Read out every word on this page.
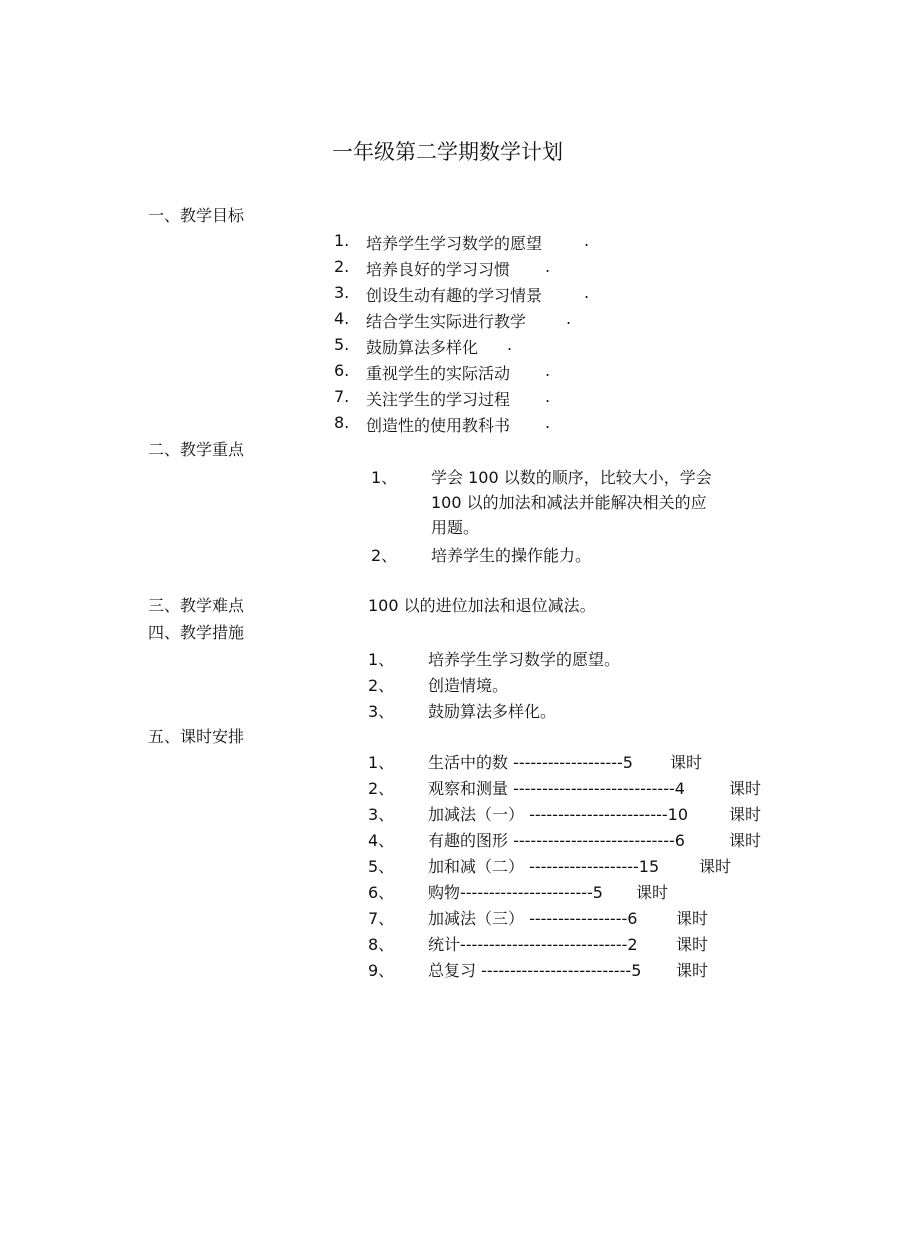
一年级第二学期数学计划
一、教学目标
1. 培养学生学习数学的愿望	.
2. 培养良好的学习习惯 .
3. 创设生动有趣的学习情景	.
4. 结合学生实际进行教学 .
5. 鼓励算法多样化 .
6. 重视学生的实际活动 .
7. 关注学生的学习过程 .
8. 创造性的使用教科书 .
二、教学重点
1、 学会 100 以数的顺序，比较大小，学会
100 以的加法和减法并能解决相关的应
用题。
2、 培养学生的操作能力。
三、教学难点	100 以的进位加法和退位减法。
四、教学措施
1、 培养学生学习数学的愿望。
2、 创造情境。
3、 鼓励算法多样化。
五、课时安排
1、 生活中的数 -------------------5 课时
2、 观察和测量 ----------------------------4	课时
3、 加减法（一） ------------------------10	课时
4、 有趣的图形 ----------------------------6	课时
5、 加和减（二） -------------------15 课时
6、 购物-----------------------5 课时
7、 加减法（三） -----------------6 课时
8、 统计-----------------------------2 课时
9、 总复习 --------------------------5 课时
